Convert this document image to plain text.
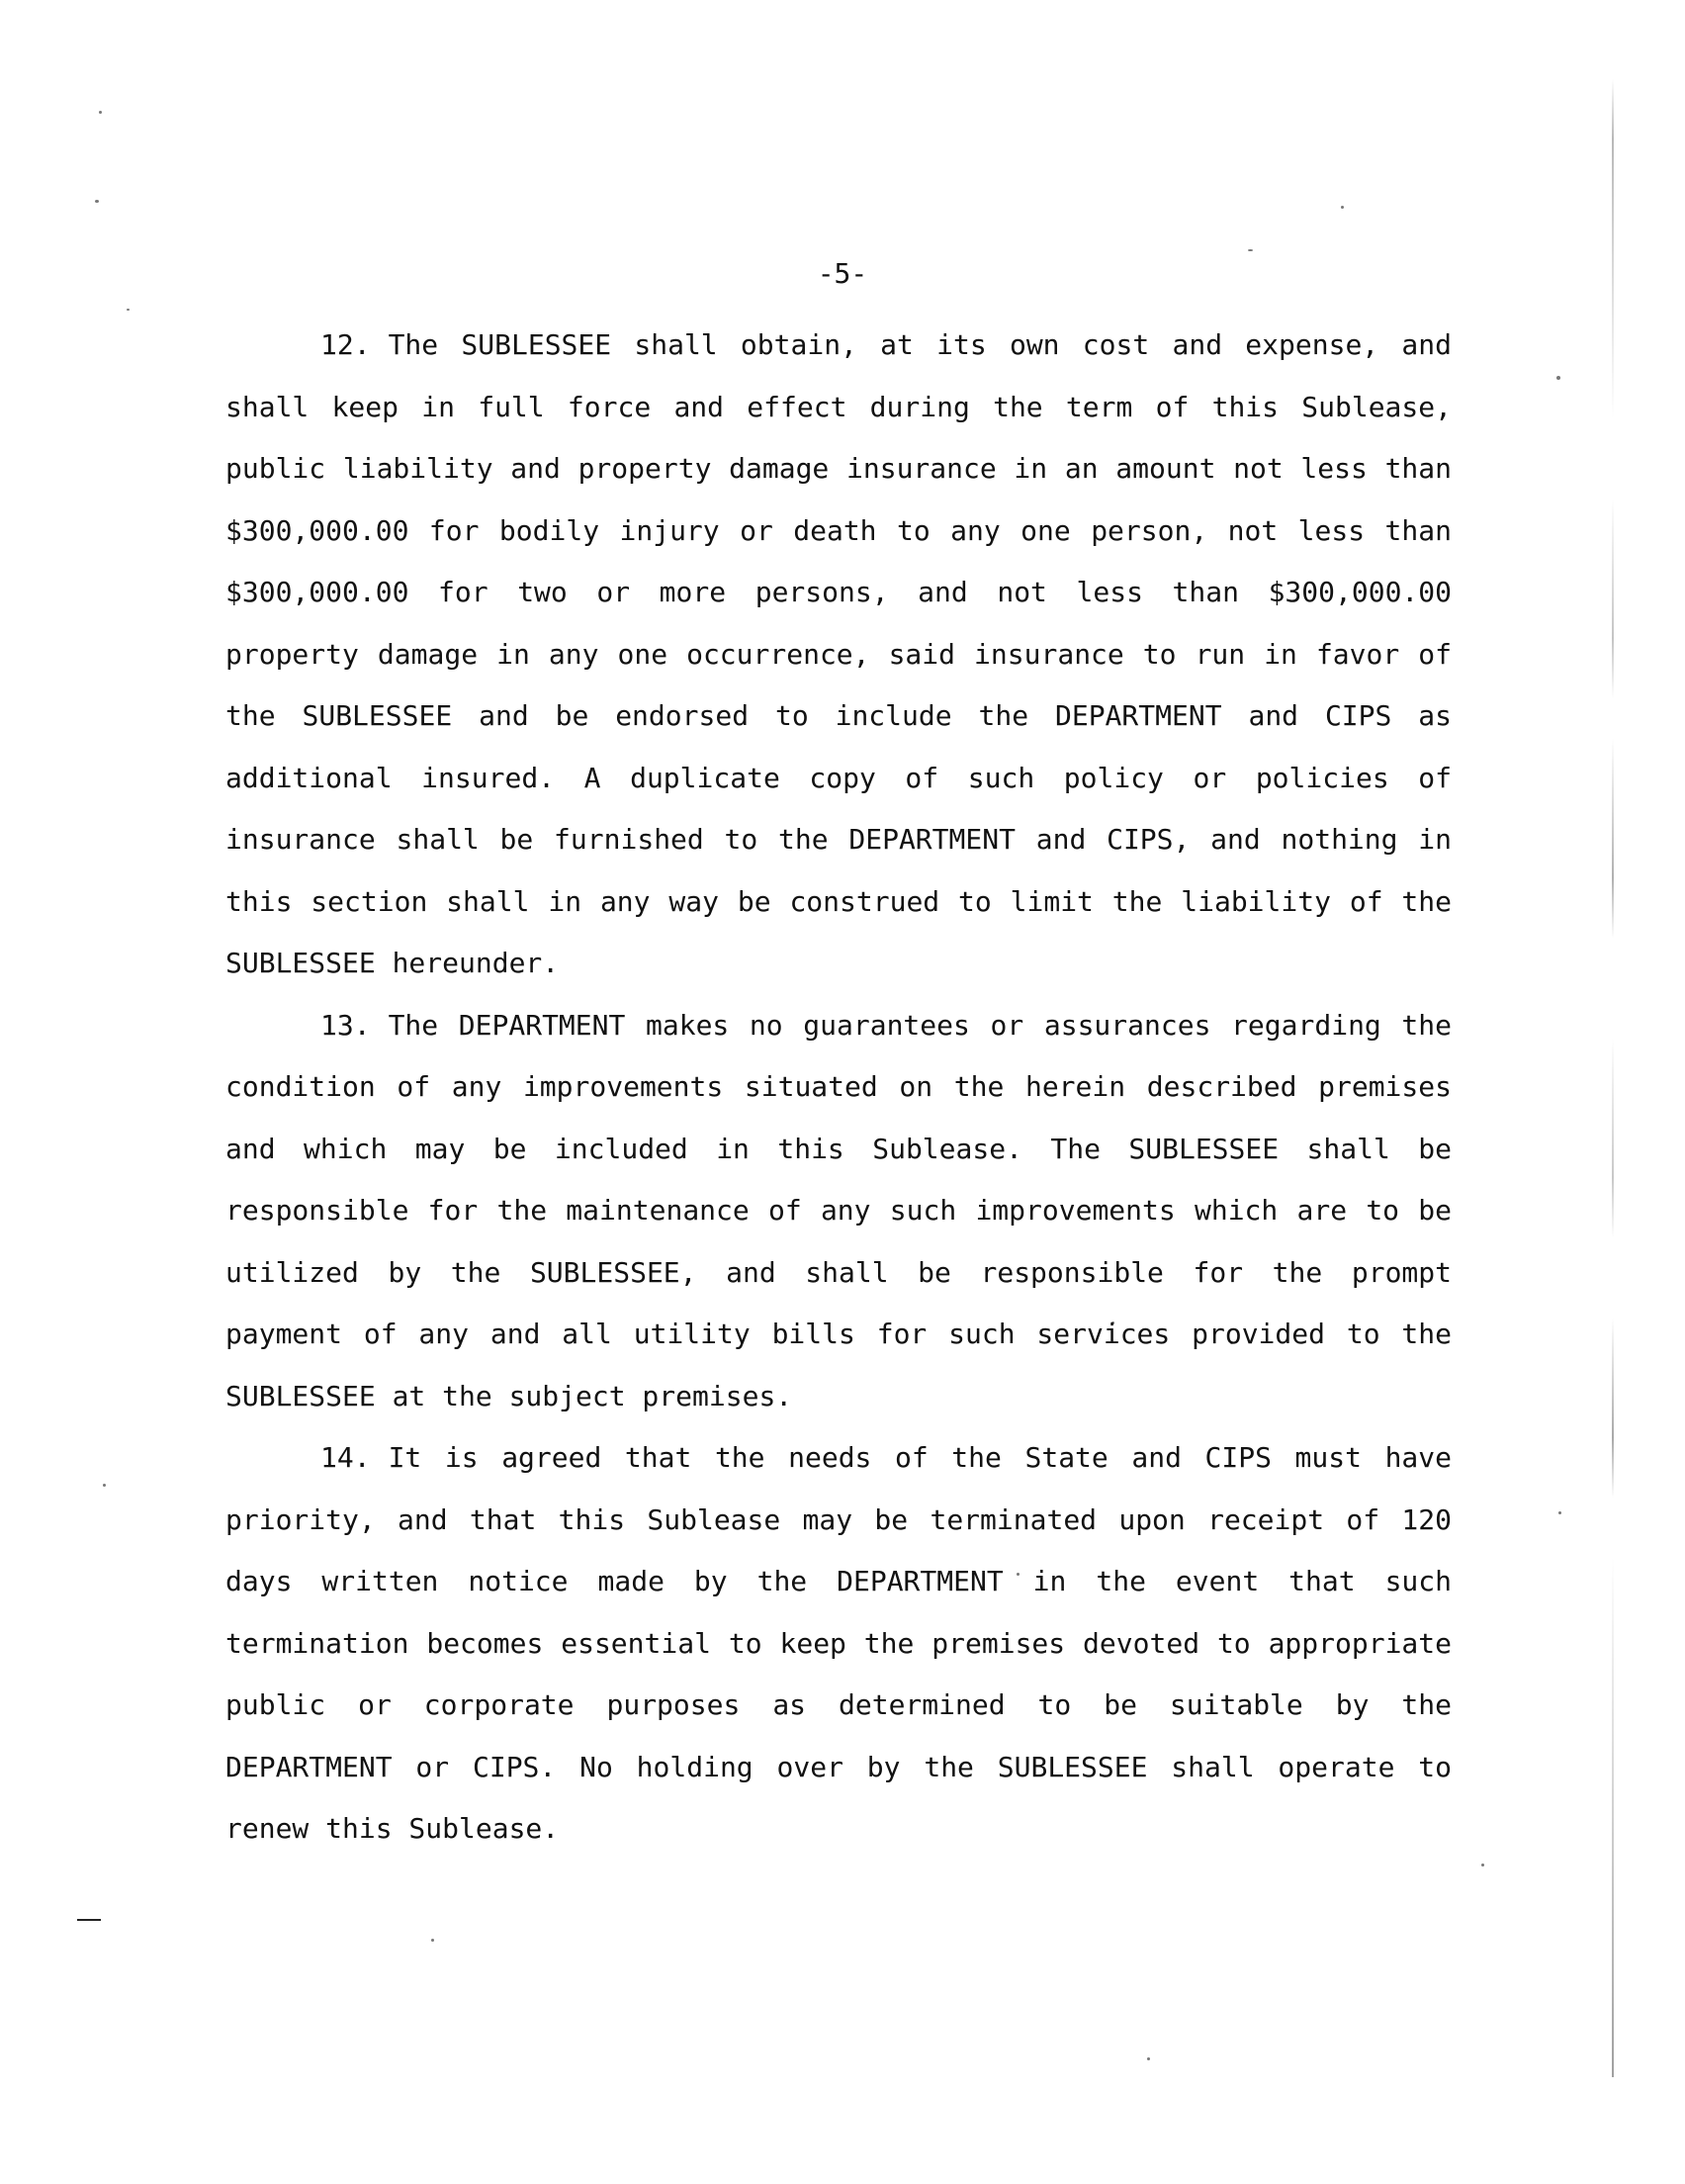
-5-

12. The SUBLESSEE shall obtain, at its own cost and expense, and shall keep in full force and effect during the term of this Sublease, public liability and property damage insurance in an amount not less than $300,000.00 for bodily injury or death to any one person, not less than $300,000.00 for two or more persons, and not less than $300,000.00 property damage in any one occurrence, said insurance to run in favor of the SUBLESSEE and be endorsed to include the DEPARTMENT and CIPS as additional insured. A duplicate copy of such policy or policies of insurance shall be furnished to the DEPARTMENT and CIPS, and nothing in this section shall in any way be construed to limit the liability of the SUBLESSEE hereunder.

13. The DEPARTMENT makes no guarantees or assurances regarding the condition of any improvements situated on the herein described premises and which may be included in this Sublease. The SUBLESSEE shall be responsible for the maintenance of any such improvements which are to be utilized by the SUBLESSEE, and shall be responsible for the prompt payment of any and all utility bills for such services provided to the SUBLESSEE at the subject premises.

14. It is agreed that the needs of the State and CIPS must have priority, and that this Sublease may be terminated upon receipt of 120 days written notice made by the DEPARTMENT in the event that such termination becomes essential to keep the premises devoted to appropriate public or corporate purposes as determined to be suitable by the DEPARTMENT or CIPS. No holding over by the SUBLESSEE shall operate to renew this Sublease.
